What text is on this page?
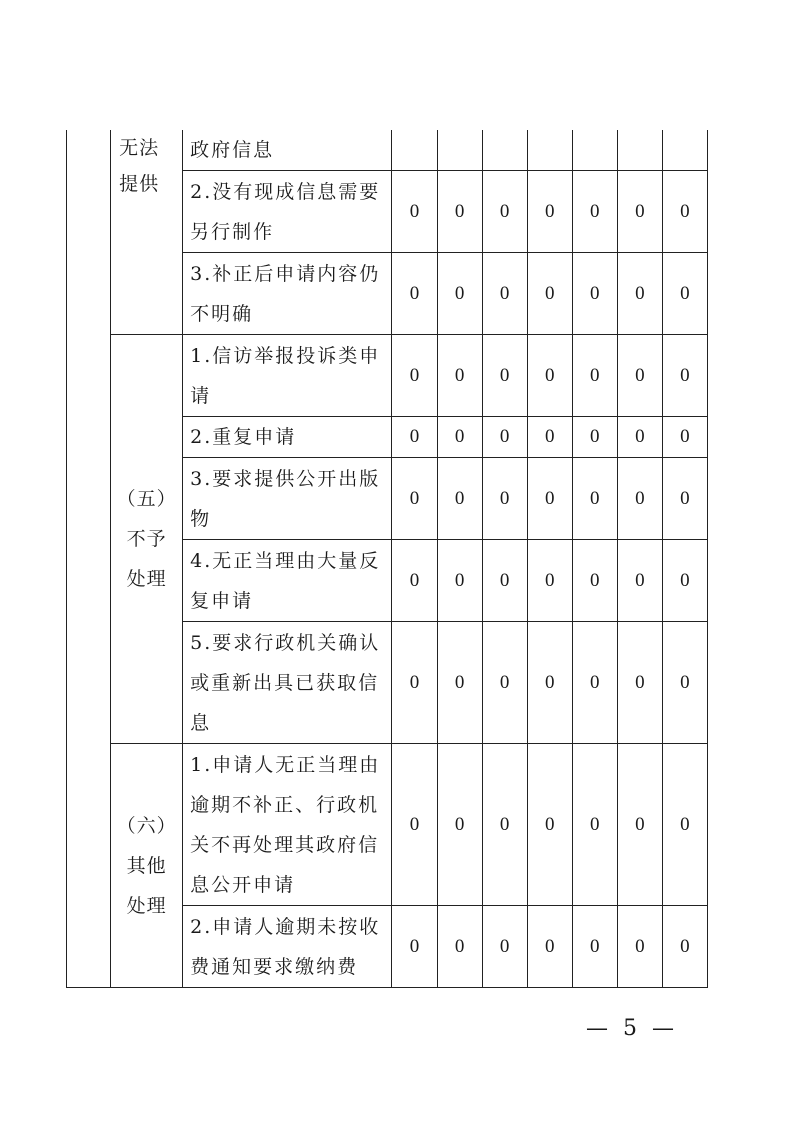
	无法
提供	政府信息							

		2.没有现成信息需要另行制作	0	0	0	0	0	0	0

		3.补正后申请内容仍不明确	0	0	0	0	0	0	0

	（五）
不予
处理	1.信访举报投诉类申请	0	0	0	0	0	0	0

		2.重复申请	0	0	0	0	0	0	0

		3.要求提供公开出版物	0	0	0	0	0	0	0

		4.无正当理由大量反复申请	0	0	0	0	0	0	0

		5.要求行政机关确认或重新出具已获取信息	0	0	0	0	0	0	0

	（六）
其他
处理	1.申请人无正当理由逾期不补正、行政机关不再处理其政府信息公开申请	0	0	0	0	0	0	0

		2.申请人逾期未按收费通知要求缴纳费	0	0	0	0	0	0	0
— 5 —
